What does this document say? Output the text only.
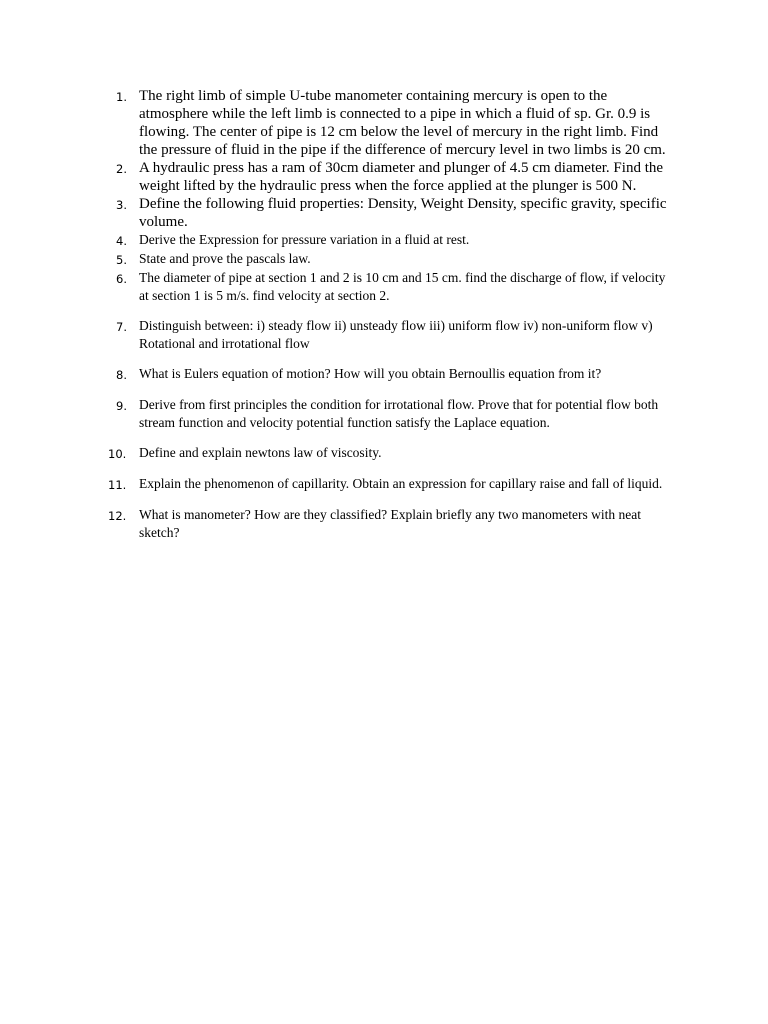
1. The right limb of simple U-tube manometer containing mercury is open to the atmosphere while the left limb is connected to a pipe in which a fluid of sp. Gr. 0.9 is flowing. The center of pipe is 12 cm below the level of mercury in the right limb. Find the pressure of fluid in the pipe if the difference of mercury level in two limbs is 20 cm.
2. A hydraulic press has a ram of 30cm diameter and plunger of 4.5 cm diameter. Find the weight lifted by the hydraulic press when the force applied at the plunger is 500 N.
3. Define the following fluid properties: Density, Weight Density, specific gravity, specific volume.
4. Derive the Expression for pressure variation in a fluid at rest.
5. State and prove the pascals law.
6. The diameter of pipe at section 1 and 2 is 10 cm and 15 cm. find the discharge of flow, if velocity at section 1 is 5 m/s. find velocity at section 2.
7. Distinguish between: i) steady flow ii) unsteady flow iii) uniform flow iv) non-uniform flow v) Rotational and irrotational flow
8. What is Eulers equation of motion? How will you obtain Bernoullis equation from it?
9. Derive from first principles the condition for irrotational flow. Prove that for potential flow both stream function and velocity potential function satisfy the Laplace equation.
10. Define and explain newtons law of viscosity.
11. Explain the phenomenon of capillarity. Obtain an expression for capillary raise and fall of liquid.
12. What is manometer? How are they classified? Explain briefly any two manometers with neat sketch?
